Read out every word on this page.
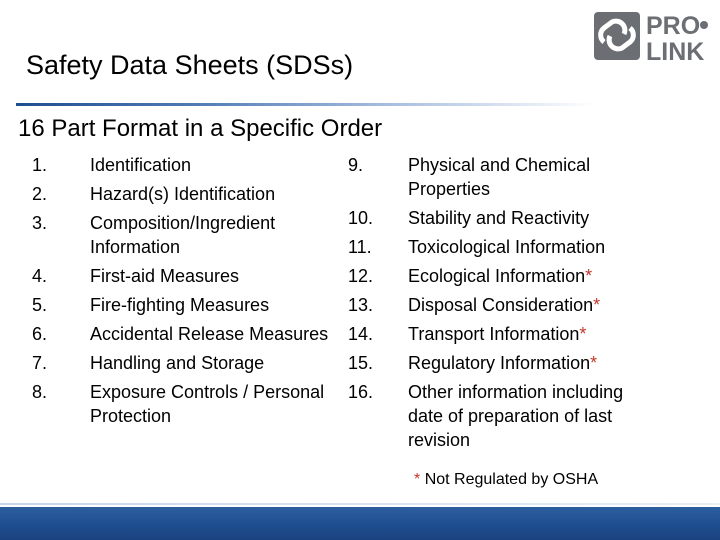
Safety Data Sheets (SDSs)
PRO
LINK
16 Part Format in a Specific Order
1. Identification
2. Hazard(s) Identification
3. Composition/Ingredient Information
4. First-aid Measures
5. Fire-fighting Measures
6. Accidental Release Measures
7. Handling and Storage
8. Exposure Controls / Personal Protection
9. Physical and Chemical Properties
10. Stability and Reactivity
11. Toxicological Information
12. Ecological Information*
13. Disposal Consideration*
14. Transport Information*
15. Regulatory Information*
16. Other information including date of preparation of last revision
* Not Regulated by OSHA
